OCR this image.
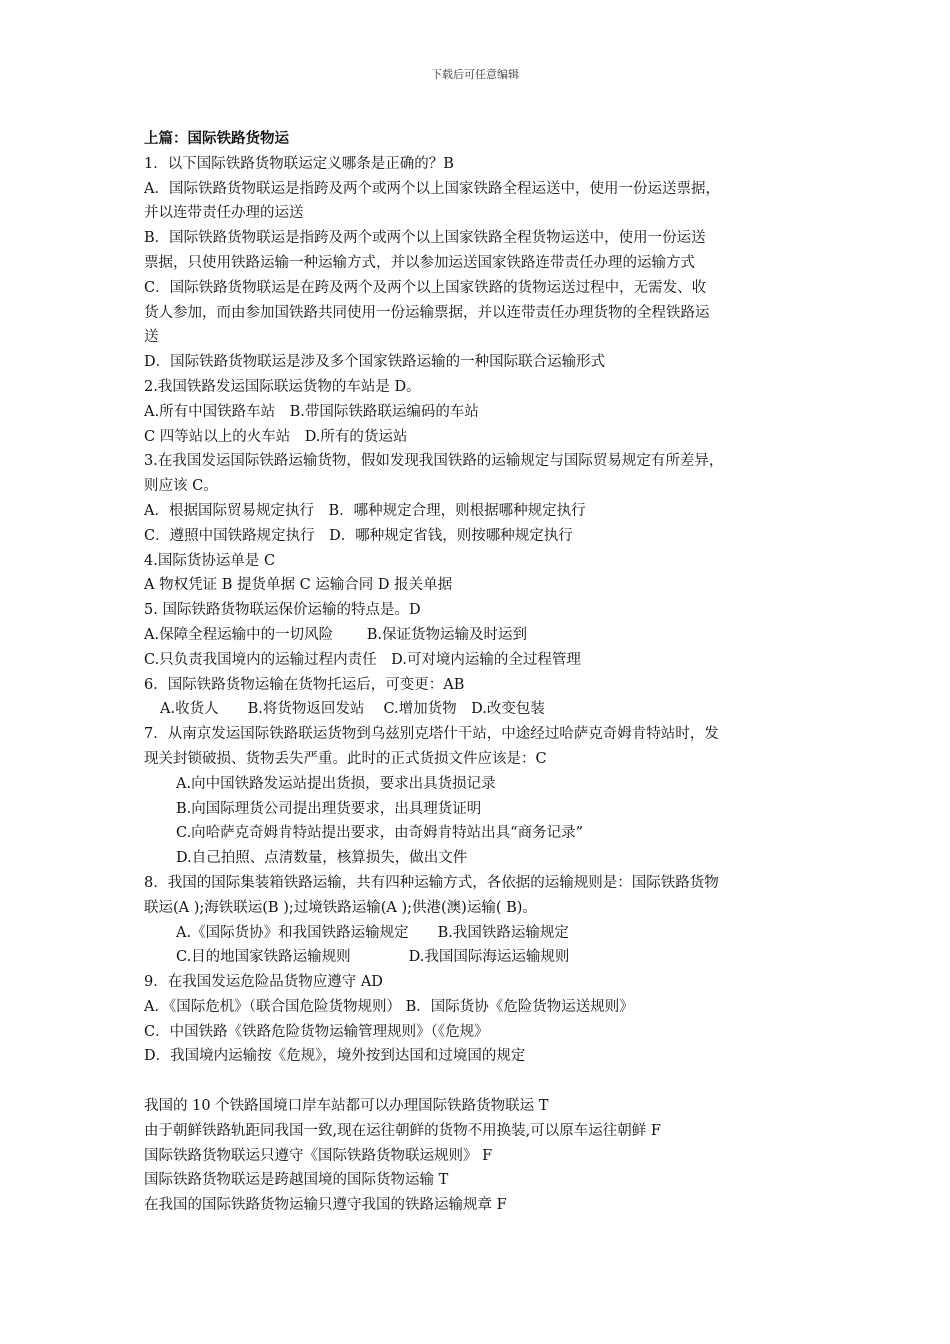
下载后可任意编辑
上篇：国际铁路货物运
1．以下国际铁路货物联运定义哪条是正确的？B
A．国际铁路货物联运是指跨及两个或两个以上国家铁路全程运送中，使用一份运送票据，
并以连带责任办理的运送
B．国际铁路货物联运是指跨及两个或两个以上国家铁路全程货物运送中，使用一份运送
票据，只使用铁路运输一种运输方式，并以参加运送国家铁路连带责任办理的运输方式
C．国际铁路货物联运是在跨及两个及两个以上国家铁路的货物运送过程中，无需发、收
货人参加，而由参加国铁路共同使用一份运输票据，并以连带责任办理货物的全程铁路运
送
D．国际铁路货物联运是涉及多个国家铁路运输的一种国际联合运输形式
2.我国铁路发运国际联运货物的车站是 D。
A.所有中国铁路车站　B.带国际铁路联运编码的车站
C 四等站以上的火车站　D.所有的货运站
3.在我国发运国际铁路运输货物，假如发现我国铁路的运输规定与国际贸易规定有所差异，
则应该 C。
A．根据国际贸易规定执行　B．哪种规定合理，则根据哪种规定执行
C．遵照中国铁路规定执行　D．哪种规定省钱，则按哪种规定执行
4.国际货协运单是 C
A 物权凭证 B 提货单据 C 运输合同 D 报关单据
5. 国际铁路货物联运保价运输的特点是。D
A.保障全程运输中的一切风险　　 B.保证货物运输及时运到
C.只负责我国境内的运输过程内责任　D.可对境内运输的全过程管理
6．国际铁路货物运输在货物托运后，可变更：AB
A.收货人　　B.将货物返回发站　 C.增加货物　D.改变包装
7．从南京发运国际铁路联运货物到乌兹别克塔什干站，中途经过哈萨克奇姆肯特站时，发
现关封锁破损、货物丢失严重。此时的正式货损文件应该是：C
A.向中国铁路发运站提出货损，要求出具货损记录
B.向国际理货公司提出理货要求，出具理货证明
C.向哈萨克奇姆肯特站提出要求，由奇姆肯特站出具“商务记录”
D.自己拍照、点清数量，核算损失，做出文件
8．我国的国际集装箱铁路运输，共有四种运输方式，各依据的运输规则是：国际铁路货物
联运(A );海铁联运(B );过境铁路运输(A );供港(澳)运输( B)。
A.《国际货协》和我国铁路运输规定　　B.我国铁路运输规定
C.目的地国家铁路运输规则　　　　D.我国国际海运运输规则
9．在我国发运危险品货物应遵守 AD
A．《国际危机》（联合国危险货物规则） B．国际货协《危险货物运送规则》
C．中国铁路《铁路危险货物运输管理规则》（《危规》
D．我国境内运输按《危规》，境外按到达国和过境国的规定
我国的 10 个铁路国境口岸车站都可以办理国际铁路货物联运 T
由于朝鲜铁路轨距同我国一致,现在运往朝鲜的货物不用换装,可以原车运往朝鲜 F
国际铁路货物联运只遵守《国际铁路货物联运规则》 F
国际铁路货物联运是跨越国境的国际货物运输 T
在我国的国际铁路货物运输只遵守我国的铁路运输规章 F
